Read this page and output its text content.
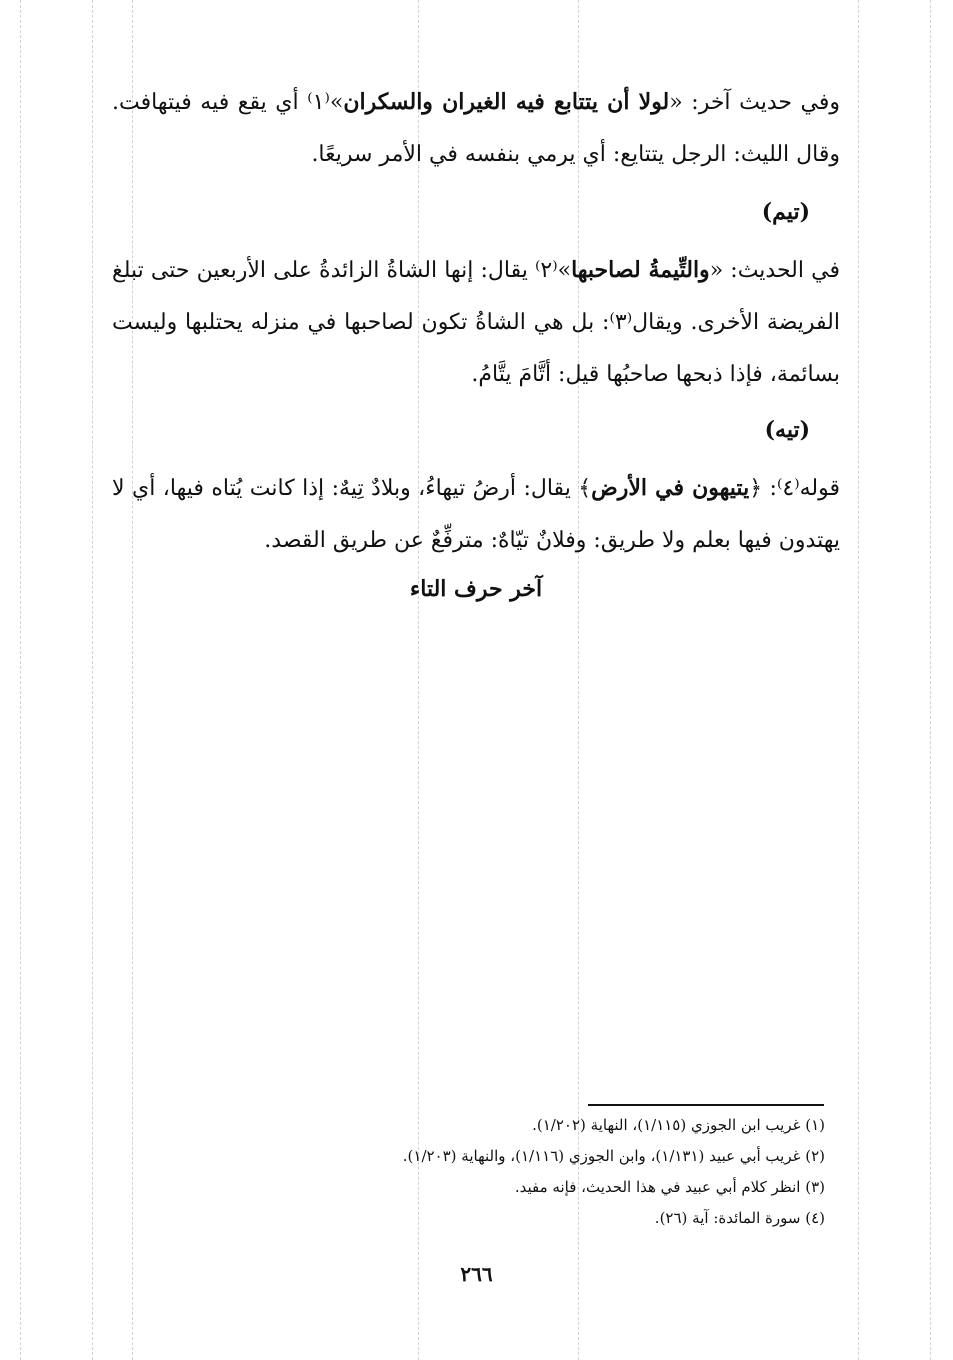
وفي حديث آخر: «لولا أن يتتابع فيه الغيران والسكران»⁽١⁾ أي يقع فيه فيتهافت. وقال الليث: الرجل يتتايع: أي يرمي بنفسه في الأمر سريعًا.

(تيم)

في الحديث: «والتِّيمةُ لصاحبها»⁽٢⁾ يقال: إنها الشاةُ الزائدةُ على الأربعين حتى تبلغ الفريضة الأخرى. ويقال⁽٣⁾: بل هي الشاةُ تكون لصاحبها في منزله يحتلبها وليست بسائمة، فإذا ذبحها صاحبُها قيل: أتَّامَ يتَّامُ.

(تيه)

قوله⁽٤⁾: ﴿يتيهون في الأرض﴾ يقال: أرضُ تيهاءُ، وبلادٌ تِيهٌ: إذا كانت يُتاه فيها، أي لا يهتدون فيها بعلم ولا طريق: وفلانٌ تيّاهٌ: مترفِّعٌ عن طريق القصد.

آخر حرف التاء

(١) غريب ابن الجوزي (١/١١٥)، النهاية (١/٢٠٢).

(٢) غريب أبي عبيد (١/١٣١)، وابن الجوزي (١/١١٦)، والنهاية (١/٢٠٣).

(٣) انظر كلام أبي عبيد في هذا الحديث، فإنه مفيد.

(٤) سورة المائدة: آية (٢٦).

٢٦٦
